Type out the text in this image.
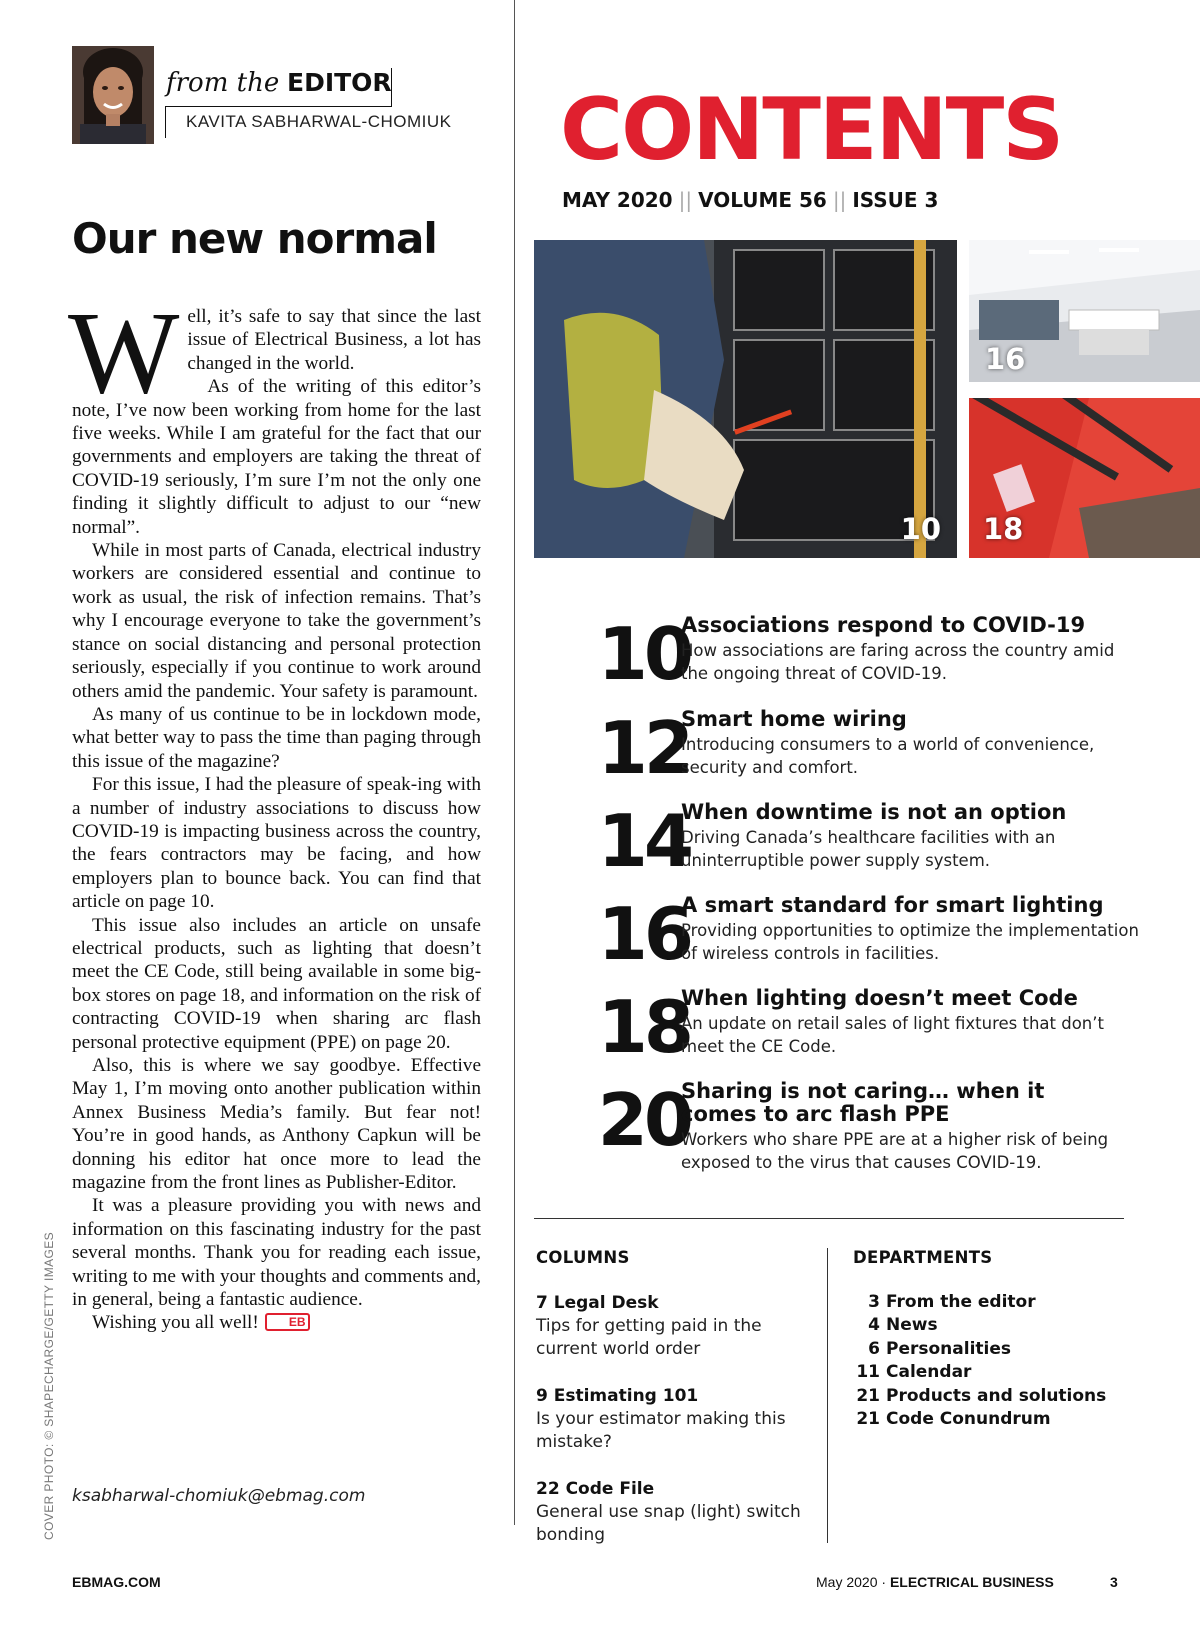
from the EDITOR
KAVITA SABHARWAL-CHOMIUK
Our new normal

Well, it’s safe to say that since the last issue of Electrical Business, a lot has changed in the world.

As of the writing of this editor’s note, I’ve now been working from home for the last five weeks. While I am grateful for the fact that our governments and employers are taking the threat of COVID-19 seriously, I’m sure I’m not the only one finding it slightly difficult to adjust to our “new normal”.

While in most parts of Canada, electrical industry workers are considered essential and continue to work as usual, the risk of infection remains. That’s why I encourage everyone to take the government’s stance on social distancing and personal protection seriously, especially if you continue to work around others amid the pandemic. Your safety is paramount.

As many of us continue to be in lockdown mode, what better way to pass the time than paging through this issue of the magazine?

For this issue, I had the pleasure of speak-ing with a number of industry associations to discuss how COVID-19 is impacting business across the country, the fears contractors may be facing, and how employers plan to bounce back. You can find that article on page 10.

This issue also includes an article on unsafe electrical products, such as lighting that doesn’t meet the CE Code, still being available in some big-box stores on page 18, and information on the risk of contracting COVID-19 when sharing arc flash personal protective equipment (PPE) on page 20.

Also, this is where we say goodbye. Effective May 1, I’m moving onto another publication within Annex Business Media’s family. But fear not! You’re in good hands, as Anthony Capkun will be donning his editor hat once more to lead the magazine from the front lines as Publisher-Editor.

It was a pleasure providing you with news and information on this fascinating industry for the past several months. Thank you for reading each issue, writing to me with your thoughts and comments and, in general, being a fantastic audience.

Wishing you all well!	EB

ksabharwal-chomiuk@ebmag.com
COVER PHOTO: © SHAPECHARGE/GETTY IMAGES
CONTENTS
MAY 2020 || VOLUME 56 || ISSUE 3
10
16
18
10
Associations respond to COVID-19
How associations are faring across the country amid the ongoing threat of COVID-19.
12
Smart home wiring
Introducing consumers to a world of convenience, security and comfort.
14
When downtime is not an option
Driving Canada’s healthcare facilities with an uninterruptible power supply system.
16
A smart standard for smart lighting
Providing opportunities to optimize the implementation of wireless controls in facilities.
18
When lighting doesn’t meet Code
An update on retail sales of light fixtures that don’t meet the CE Code.
20
Sharing is not caring… when it comes to arc flash PPE
Workers who share PPE are at a higher risk of being exposed to the virus that causes COVID-19.
COLUMNS
7 Legal Desk
Tips for getting paid in the current world order
9 Estimating 101
Is your estimator making this mistake?
22 Code File
General use snap (light) switch bonding
DEPARTMENTS
3 From the editor
4 News
6 Personalities
11 Calendar
21 Products and solutions
21 Code Conundrum
EBMAG.COM	May 2020 · ELECTRICAL BUSINESS	3
